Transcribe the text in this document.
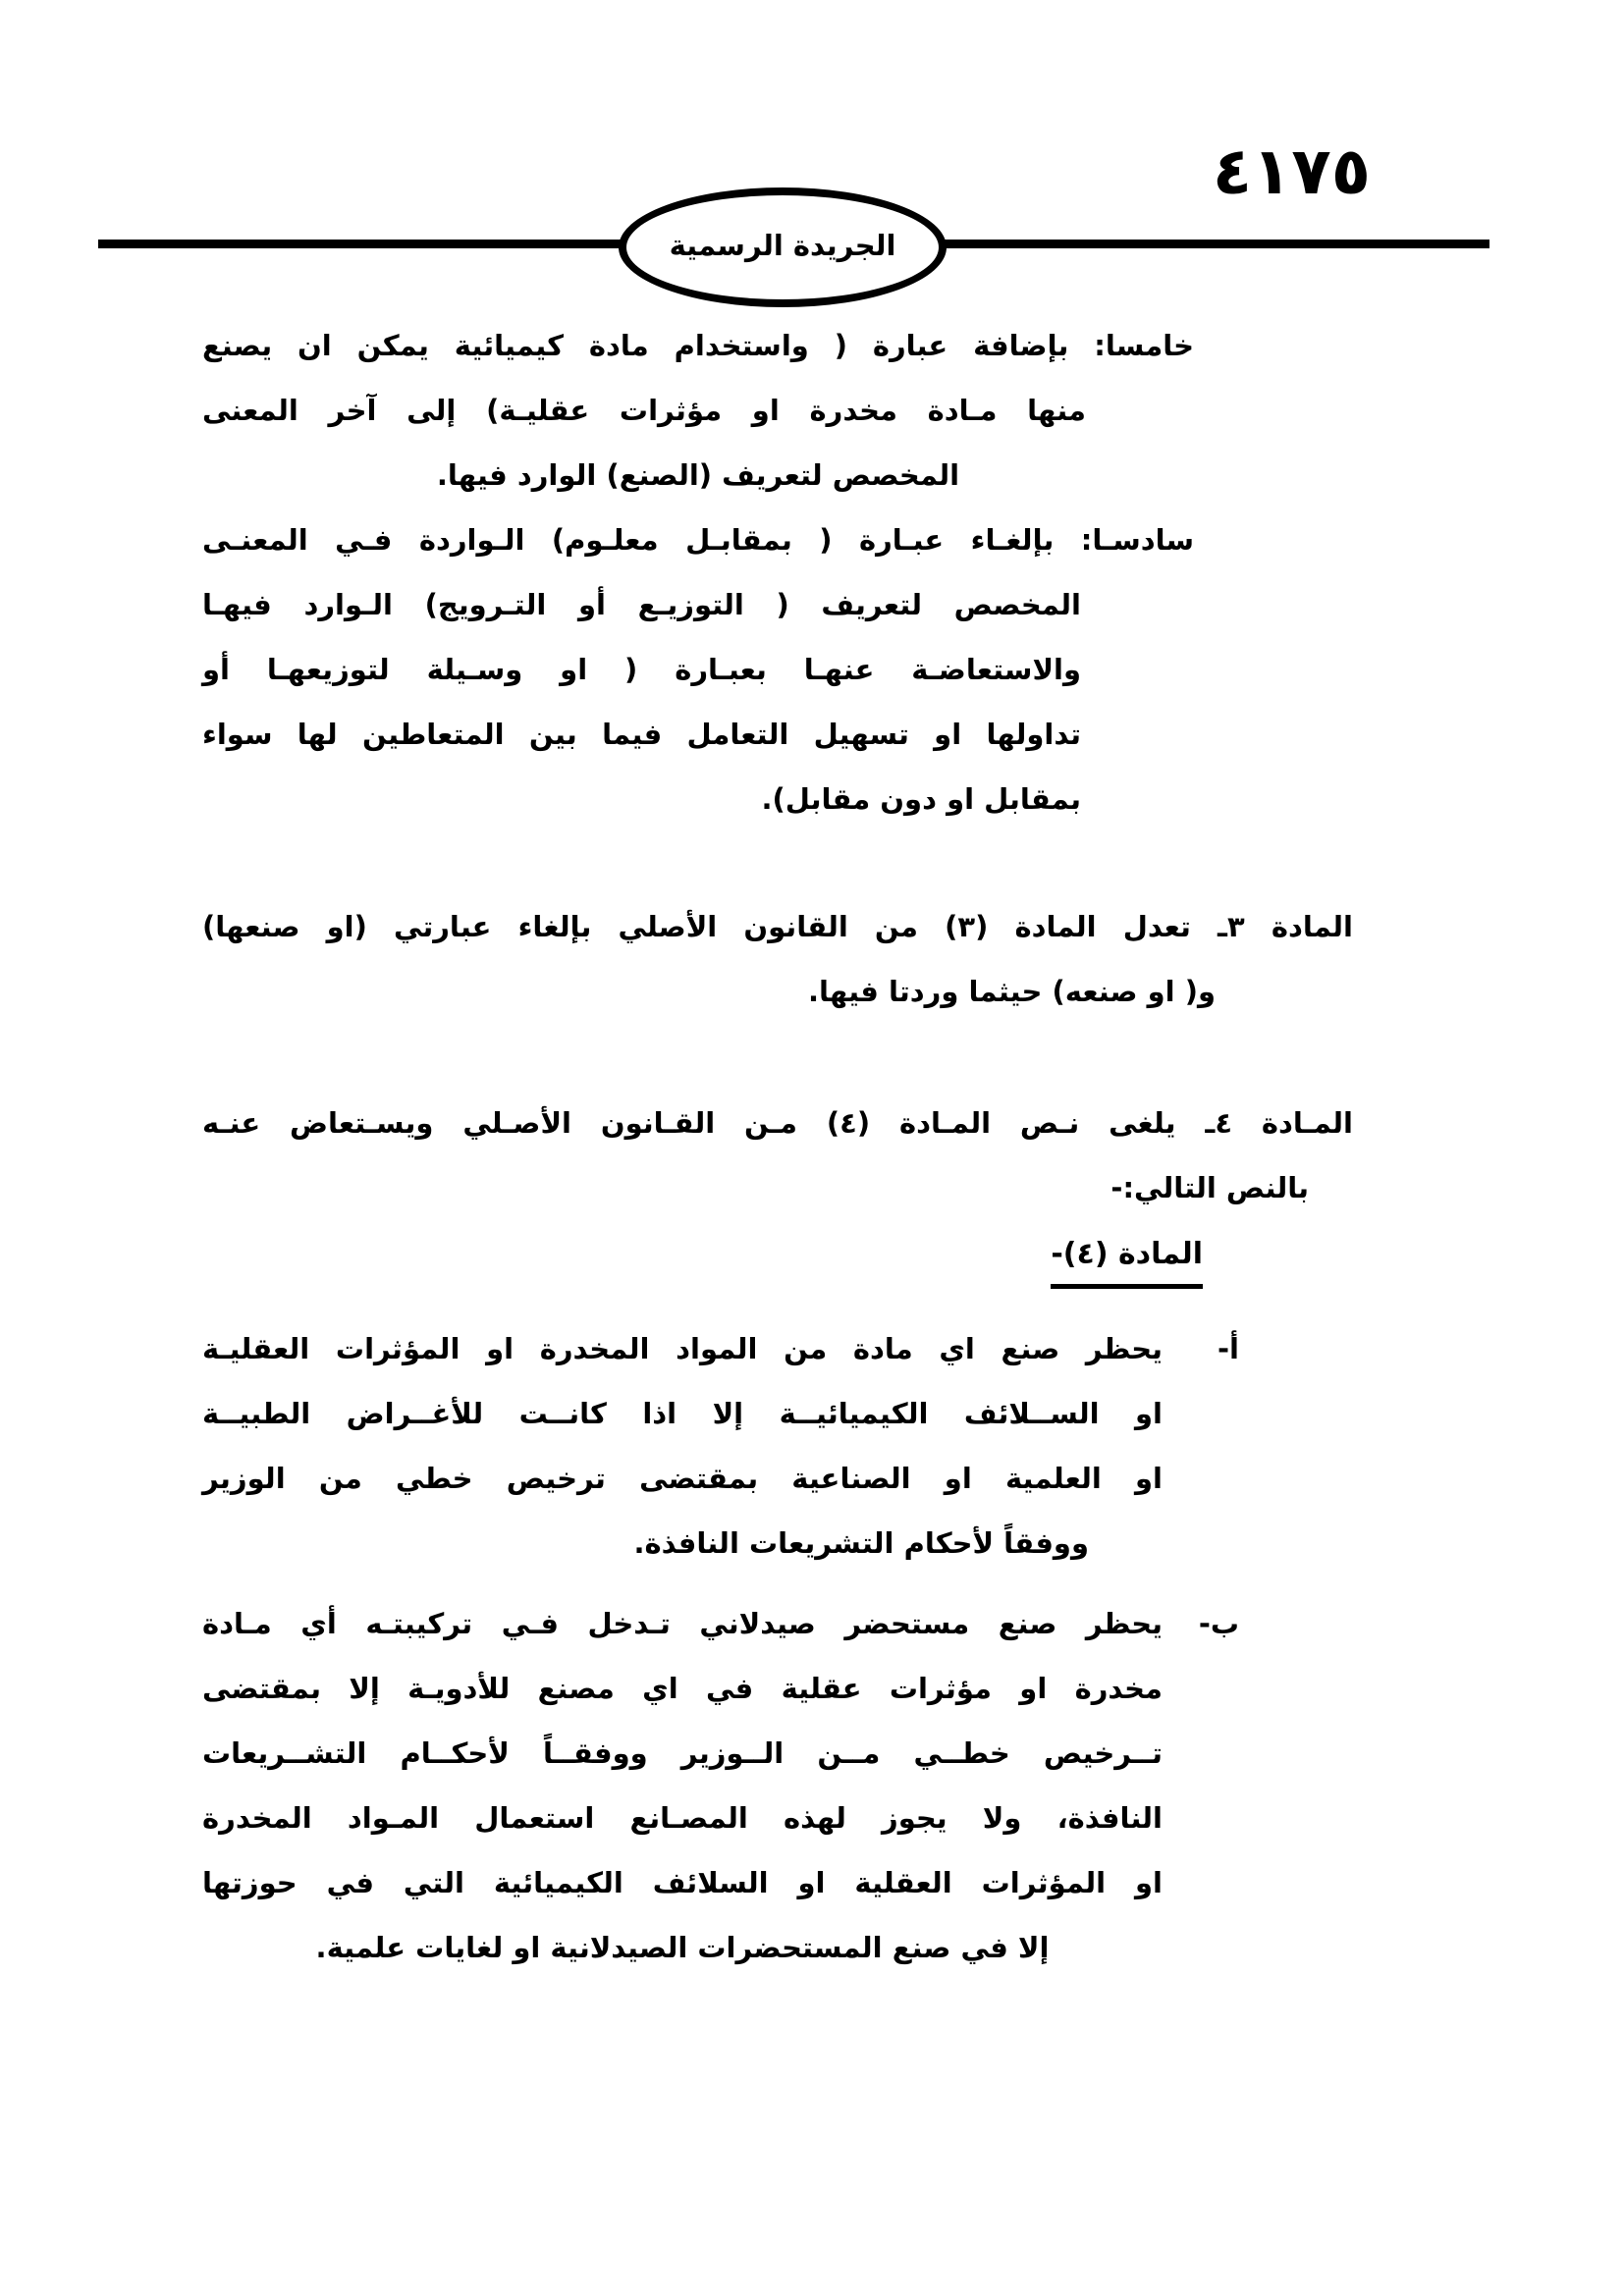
٤١٧٥
الجريدة الرسمية
خامسا: بإضافة عبارة ( واستخدام مادة كيميائية يمكن ان يصنع
منها مـادة مخدرة او مؤثرات عقليـة) إلى آخر المعنى
المخصص لتعريف (الصنع) الوارد فيها.
سادسـا: بإلغـاء عبـارة ( بمقابـل معلـوم) الـواردة فـي المعنـى
المخصص لتعريف ( التوزيـع أو التـرويج) الـوارد فيهـا
والاستعاضـة عنهـا بعبـارة ( او وسـيلة لتوزيعهـا أو
تداولها او تسهيل التعامل فيما بين المتعاطين لها سواء
بمقابل او دون مقابل).
المادة ٣ـ تعدل المادة (٣) من القانون الأصلي بإلغاء عبارتي (او صنعها)
و( او صنعه) حيثما وردتا فيها.
المـادة ٤ـ يلغى نـص المـادة (٤) مـن القـانون الأصـلي ويسـتعاض عنـه
بالنص التالي:-
المادة (٤)-
أ-
يحظر صنع اي مادة من المواد المخدرة او المؤثرات العقليـة
او الســلائف الكيميائيــة إلا اذا كانــت للأغــراض الطبيــة
او العلمية او الصناعية بمقتضى ترخيص خطي من الوزير
ووفقاً لأحكام التشريعات النافذة.
ب-
يحظر صنع مستحضر صيدلاني تـدخل فـي تركيبتـه أي مـادة
مخدرة او مؤثرات عقلية في اي مصنع للأدويـة إلا بمقتضى
تــرخيص خطــي مــن الــوزير ووفقــاً لأحكــام التشــريعات
النافذة، ولا يجوز لهذه المصـانع استعمال المـواد المخدرة
او المؤثرات العقلية او السلائف الكيميائية التي في حوزتها
إلا في صنع المستحضرات الصيدلانية او لغايات علمية.
